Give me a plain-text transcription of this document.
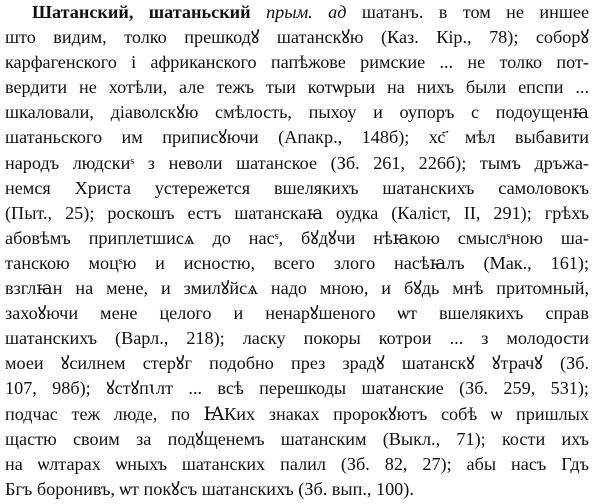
Шатанский, шатаньский прым. ад шатанъ. в том не иншее
што видим, толко прешкодꙋ шатанскꙋю (Каз. Кір., 78); соборꙋ
карфагенского і африканского папѣжове римские ... не толко пот-
вердити не хотѣли, але тежъ тыи котѡрыи на нихъ были епспи ...
шкаловали, діаволскꙋю смѣлость, пыхоу и оупоръ с подоущенꙗ
шатаньского им приписꙋючи (Апакр., 148б); хс҃ мѣл выбавити
народъ людскиˢ з неволи шатанское (Зб. 261, 226б); тымъ дръжа-
немся Христа устережется вшелякихъ шатанскихъ самоловокъ
(Пыт., 25); роскошъ естъ шатанскаꙗ оудка (Каліст, II, 291); грѣхъ
абовѣмъ приплетшисѧ до насˢ, бꙋдꙋчи нѣꙗкою смыслˢною ша-
танскою моцˢю и исностю, всего злого насѣꙗлъ (Мак., 161);
взглꙗн на мене, и змилꙋйсѧ надо мною, и бꙋдь мнѣ притомный,
захоꙋючи мене целого и ненарꙋшеного ѡт вшелякихъ справ
шатанскихъ (Варл., 218); ласку покоры котрои ... з молодости
моеи ꙋсилнем стерꙋг подобно през зрадꙋ шатанскꙋ ꙋтрачꙋ (Зб.
107, 98б); ꙋстꙋпꙇлт ... всѣ перешкоды шатанские (Зб. 259, 531);
подчас теж люде, по ꙖКих знаках пророкꙋютъ собѣ ѡ пришлых
щастю своим за подꙋщенемъ шатанским (Выкл., 71); кости ихъ
на ѡлтарах ѡныхъ шатанских палил (Зб. 82, 27); абы насъ Гдъ
Бгъ боронивъ, ѡт покꙋсъ шатанскихъ (Зб. вып., 100).
